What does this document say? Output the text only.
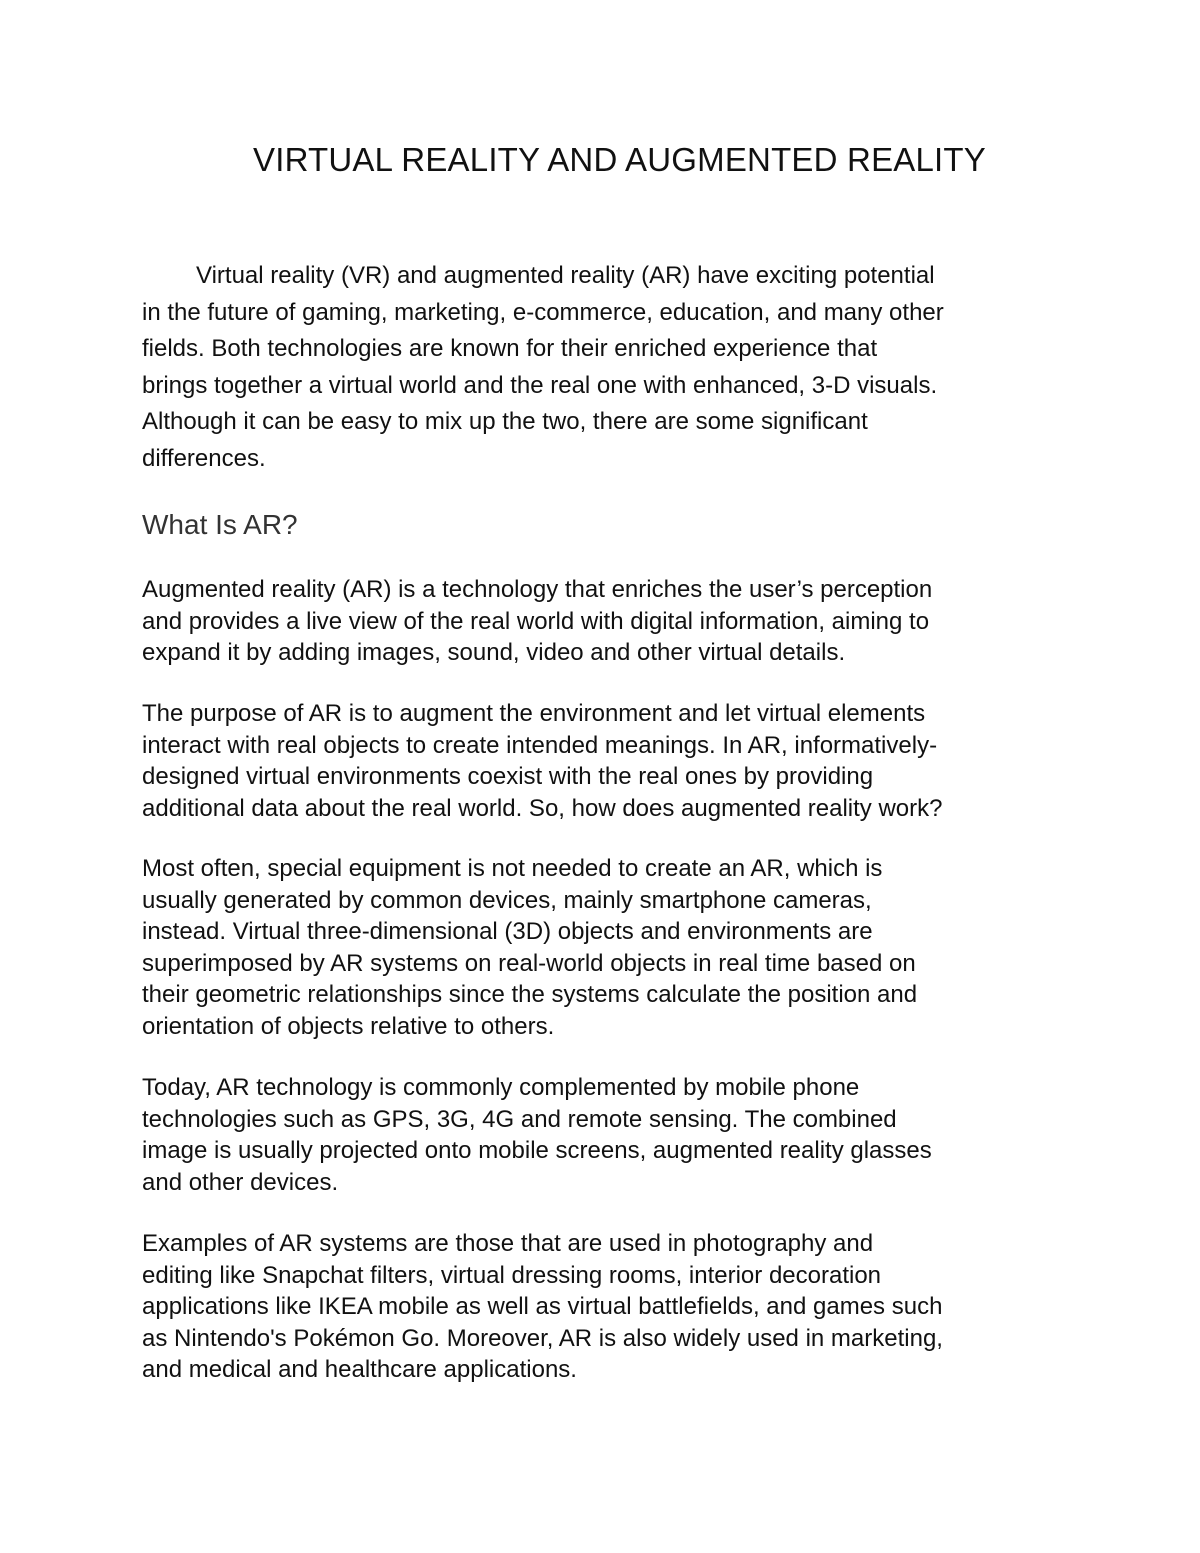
VIRTUAL REALITY AND AUGMENTED REALITY

Virtual reality (VR) and augmented reality (AR) have exciting potential
in the future of gaming, marketing, e-commerce, education, and many other
fields. Both technologies are known for their enriched experience that
brings together a virtual world and the real one with enhanced, 3-D visuals.
Although it can be easy to mix up the two, there are some significant
differences.

What Is AR?

Augmented reality (AR) is a technology that enriches the user’s perception
and provides a live view of the real world with digital information, aiming to
expand it by adding images, sound, video and other virtual details.

The purpose of AR is to augment the environment and let virtual elements
interact with real objects to create intended meanings. In AR, informatively-
designed virtual environments coexist with the real ones by providing
additional data about the real world. So, how does augmented reality work?

Most often, special equipment is not needed to create an AR, which is
usually generated by common devices, mainly smartphone cameras,
instead. Virtual three-dimensional (3D) objects and environments are
superimposed by AR systems on real-world objects in real time based on
their geometric relationships since the systems calculate the position and
orientation of objects relative to others.

Today, AR technology is commonly complemented by mobile phone
technologies such as GPS, 3G, 4G and remote sensing. The combined
image is usually projected onto mobile screens, augmented reality glasses
and other devices.

Examples of AR systems are those that are used in photography and
editing like Snapchat filters, virtual dressing rooms, interior decoration
applications like IKEA mobile as well as virtual battlefields, and games such
as Nintendo's Pokémon Go. Moreover, AR is also widely used in marketing,
and medical and healthcare applications.
